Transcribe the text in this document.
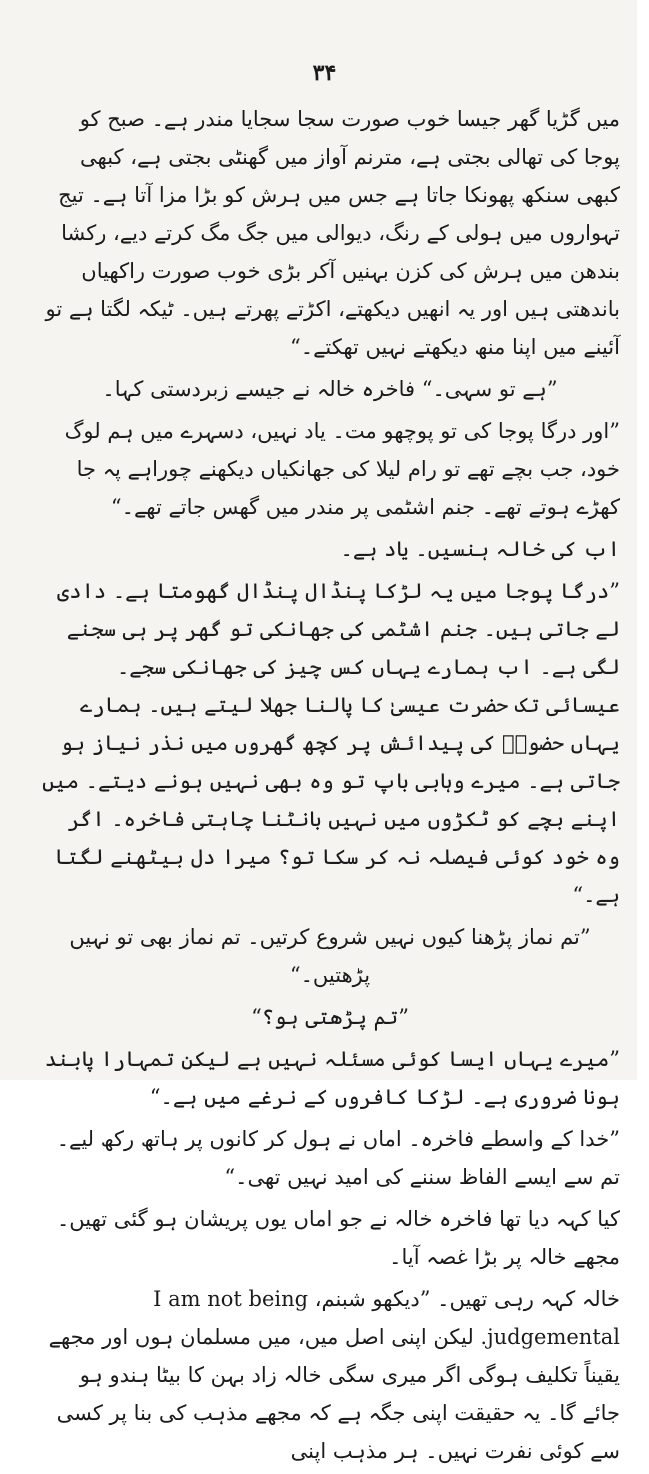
۳۴

میں گڑیا گھر جیسا خوب صورت سجا سجایا مندر ہے۔ صبح کو پوجا کی تھالی بجتی ہے، مترنم آواز میں گھنٹی بجتی ہے، کبھی کبھی سنکھ پھونکا جاتا ہے جس میں ہرش کو بڑا مزا آتا ہے۔ تیج تہواروں میں ہولی کے رنگ، دیوالی میں جگ مگ کرتے دیے، رکشا بندھن میں ہرش کی کزن بہنیں آکر بڑی خوب صورت راکھیاں باندھتی ہیں اور یہ انھیں دیکھتے، اکڑتے پھرتے ہیں۔ ٹیکہ لگتا ہے تو آئینے میں اپنا منھ دیکھتے نہیں تھکتے۔“

”ہے تو سہی۔“ فاخرہ خالہ نے جیسے زبردستی کہا۔

”اور درگا پوجا کی تو پوچھو مت۔ یاد نہیں، دسہرے میں ہم لوگ خود، جب بچے تھے تو رام لیلا کی جھانکیاں دیکھنے چوراہے پہ جا کھڑے ہوتے تھے۔ جنم اشٹمی پر مندر میں گھس جاتے تھے۔“

اب کی خالہ ہنسیں۔ یاد ہے۔

”درگا پوجا میں یہ لڑکا پنڈال پنڈال گھومتا ہے۔ دادی لے جاتی ہیں۔ جنم اشٹمی کی جھانکی تو گھر پر ہی سجنے لگی ہے۔ اب ہمارے یہاں کس چیز کی جھانکی سجے۔ عیسائی تک حضرت عیسیٰ کا پالنا جھلا لیتے ہیں۔ ہمارے یہاں حضورؐ کی پیدائش پر کچھ گھروں میں نذر نیاز ہو جاتی ہے۔ میرے وہابی باپ تو وہ بھی نہیں ہونے دیتے۔ میں اپنے بچے کو ٹکڑوں میں نہیں بانٹنا چاہتی فاخرہ۔ اگر وہ خود کوئی فیصلہ نہ کر سکا تو؟ میرا دل بیٹھنے لگتا ہے۔“

”تم نماز پڑھنا کیوں نہیں شروع کرتیں۔ تم نماز بھی تو نہیں پڑھتیں۔“

”تم پڑھتی ہو؟“

”میرے یہاں ایسا کوئی مسئلہ نہیں ہے لیکن تمہارا پابند ہونا ضروری ہے۔ لڑکا کافروں کے نرغے میں ہے۔“

”خدا کے واسطے فاخرہ۔ اماں نے ہول کر کانوں پر ہاتھ رکھ لیے۔ تم سے ایسے الفاظ سننے کی امید نہیں تھی۔“

کیا کہہ دیا تھا فاخرہ خالہ نے جو اماں یوں پریشان ہو گئی تھیں۔ مجھے خالہ پر بڑا غصہ آیا۔

خالہ کہہ رہی تھیں۔ ”دیکھو شبنم، I am not being judgemental. لیکن اپنی اصل میں، میں مسلمان ہوں اور مجھے یقیناً تکلیف ہوگی اگر میری سگی خالہ زاد بہن کا بیٹا ہندو ہو جائے گا۔ یہ حقیقت اپنی جگہ ہے کہ مجھے مذہب کی بنا پر کسی سے کوئی نفرت نہیں۔ ہر مذہب اپنی
